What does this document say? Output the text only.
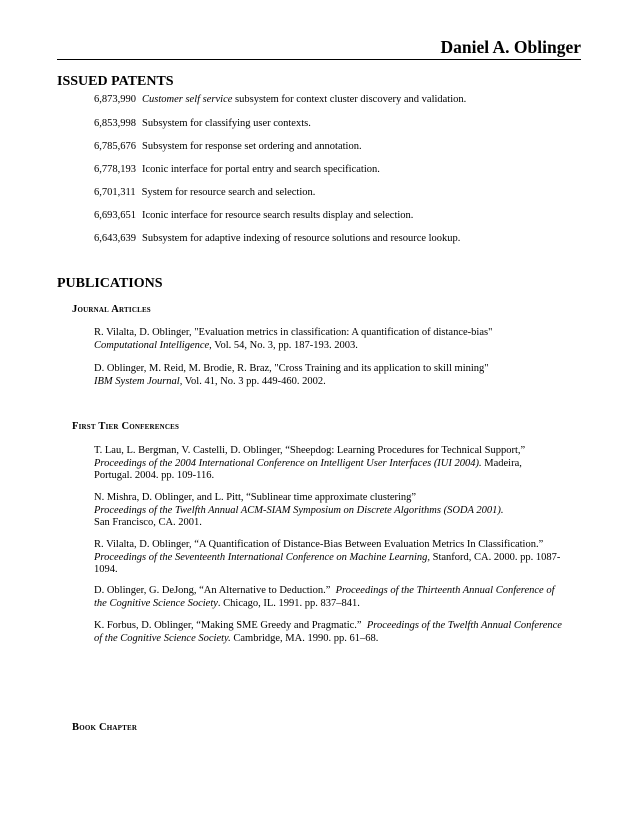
Daniel A. Oblinger
ISSUED PATENTS
6,873,990 Customer self service subsystem for context cluster discovery and validation.
6,853,998 Subsystem for classifying user contexts.
6,785,676 Subsystem for response set ordering and annotation.
6,778,193 Iconic interface for portal entry and search specification.
6,701,311 System for resource search and selection.
6,693,651 Iconic interface for resource search results display and selection.
6,643,639 Subsystem for adaptive indexing of resource solutions and resource lookup.
PUBLICATIONS
Journal Articles
R. Vilalta, D. Oblinger, "Evaluation metrics in classification: A quantification of distance-bias"
Computational Intelligence, Vol. 54, No. 3, pp. 187-193. 2003.
D. Oblinger, M. Reid, M. Brodie, R. Braz, "Cross Training and its application to skill mining"
IBM System Journal, Vol. 41, No. 3 pp. 449-460. 2002.
First Tier Conferences
T. Lau, L. Bergman, V. Castelli, D. Oblinger, “Sheepdog: Learning Procedures for Technical Support,”
Proceedings of the 2004 International Conference on Intelligent User Interfaces (IUI 2004). Madeira, Portugal. 2004. pp. 109-116.
N. Mishra, D. Oblinger, and L. Pitt, “Sublinear time approximate clustering”
Proceedings of the Twelfth Annual ACM-SIAM Symposium on Discrete Algorithms (SODA 2001).
San Francisco, CA. 2001.
R. Vilalta, D. Oblinger, “A Quantification of Distance-Bias Between Evaluation Metrics In Classification.”
Proceedings of the Seventeenth International Conference on Machine Learning, Stanford, CA. 2000. pp. 1087-1094.
D. Oblinger, G. DeJong, “An Alternative to Deduction.” Proceedings of the Thirteenth Annual Conference of the Cognitive Science Society. Chicago, IL. 1991. pp. 837–841.
K. Forbus, D. Oblinger, “Making SME Greedy and Pragmatic.” Proceedings of the Twelfth Annual Conference of the Cognitive Science Society. Cambridge, MA. 1990. pp. 61–68.
Book Chapter
